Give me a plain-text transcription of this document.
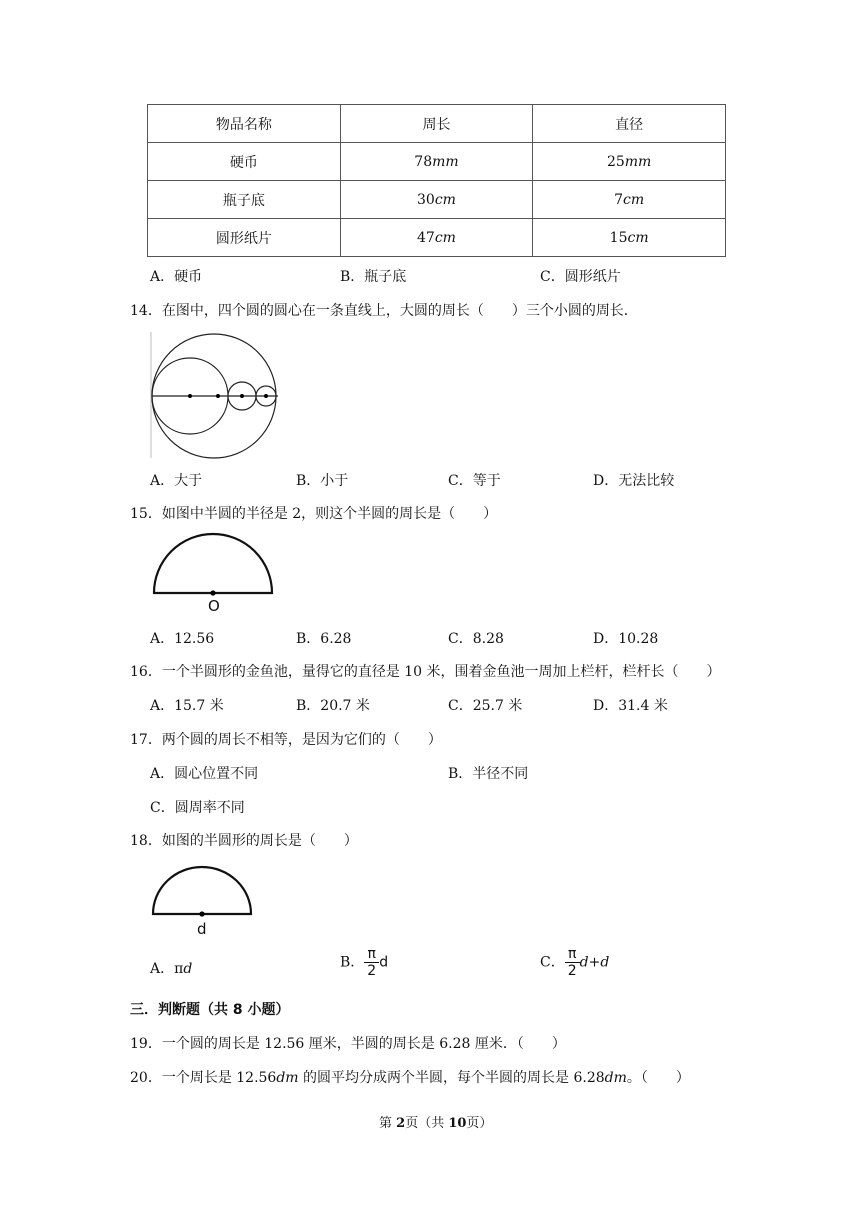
物品名称	周长	直径
硬币	78mm	25mm
瓶子底	30cm	7cm
圆形纸片	47cm	15cm
A．硬币	B．瓶子底	C．圆形纸片
14．在图中，四个圆的圆心在一条直线上，大圆的周长（　　）三个小圆的周长．
A．大于	B．小于	C．等于	D．无法比较
15．如图中半圆的半径是 2，则这个半圆的周长是（　　）
O
A．12.56	B．6.28	C．8.28	D．10.28
16．一个半圆形的金鱼池，量得它的直径是 10 米，围着金鱼池一周加上栏杆，栏杆长（　　）
A．15.7 米	B．20.7 米	C．25.7 米	D．31.4 米
17．两个圆的周长不相等，是因为它们的（　　）
A．圆心位置不同	B．半径不同
C．圆周率不同
18．如图的半圆形的周长是（　　）
d
A．πd	B． $\frac{\pi}{2}$ d	C． $\frac{\pi}{2} d+d$
三．判断题（共 8 小题）
19．一个圆的周长是 12.56 厘米，半圆的周长是 6.28 厘米．（　　）
20．一个周长是 12.56dm 的圆平均分成两个半圆，每个半圆的周长是 6.28dm。（　　）
第 2页（共 10页）
